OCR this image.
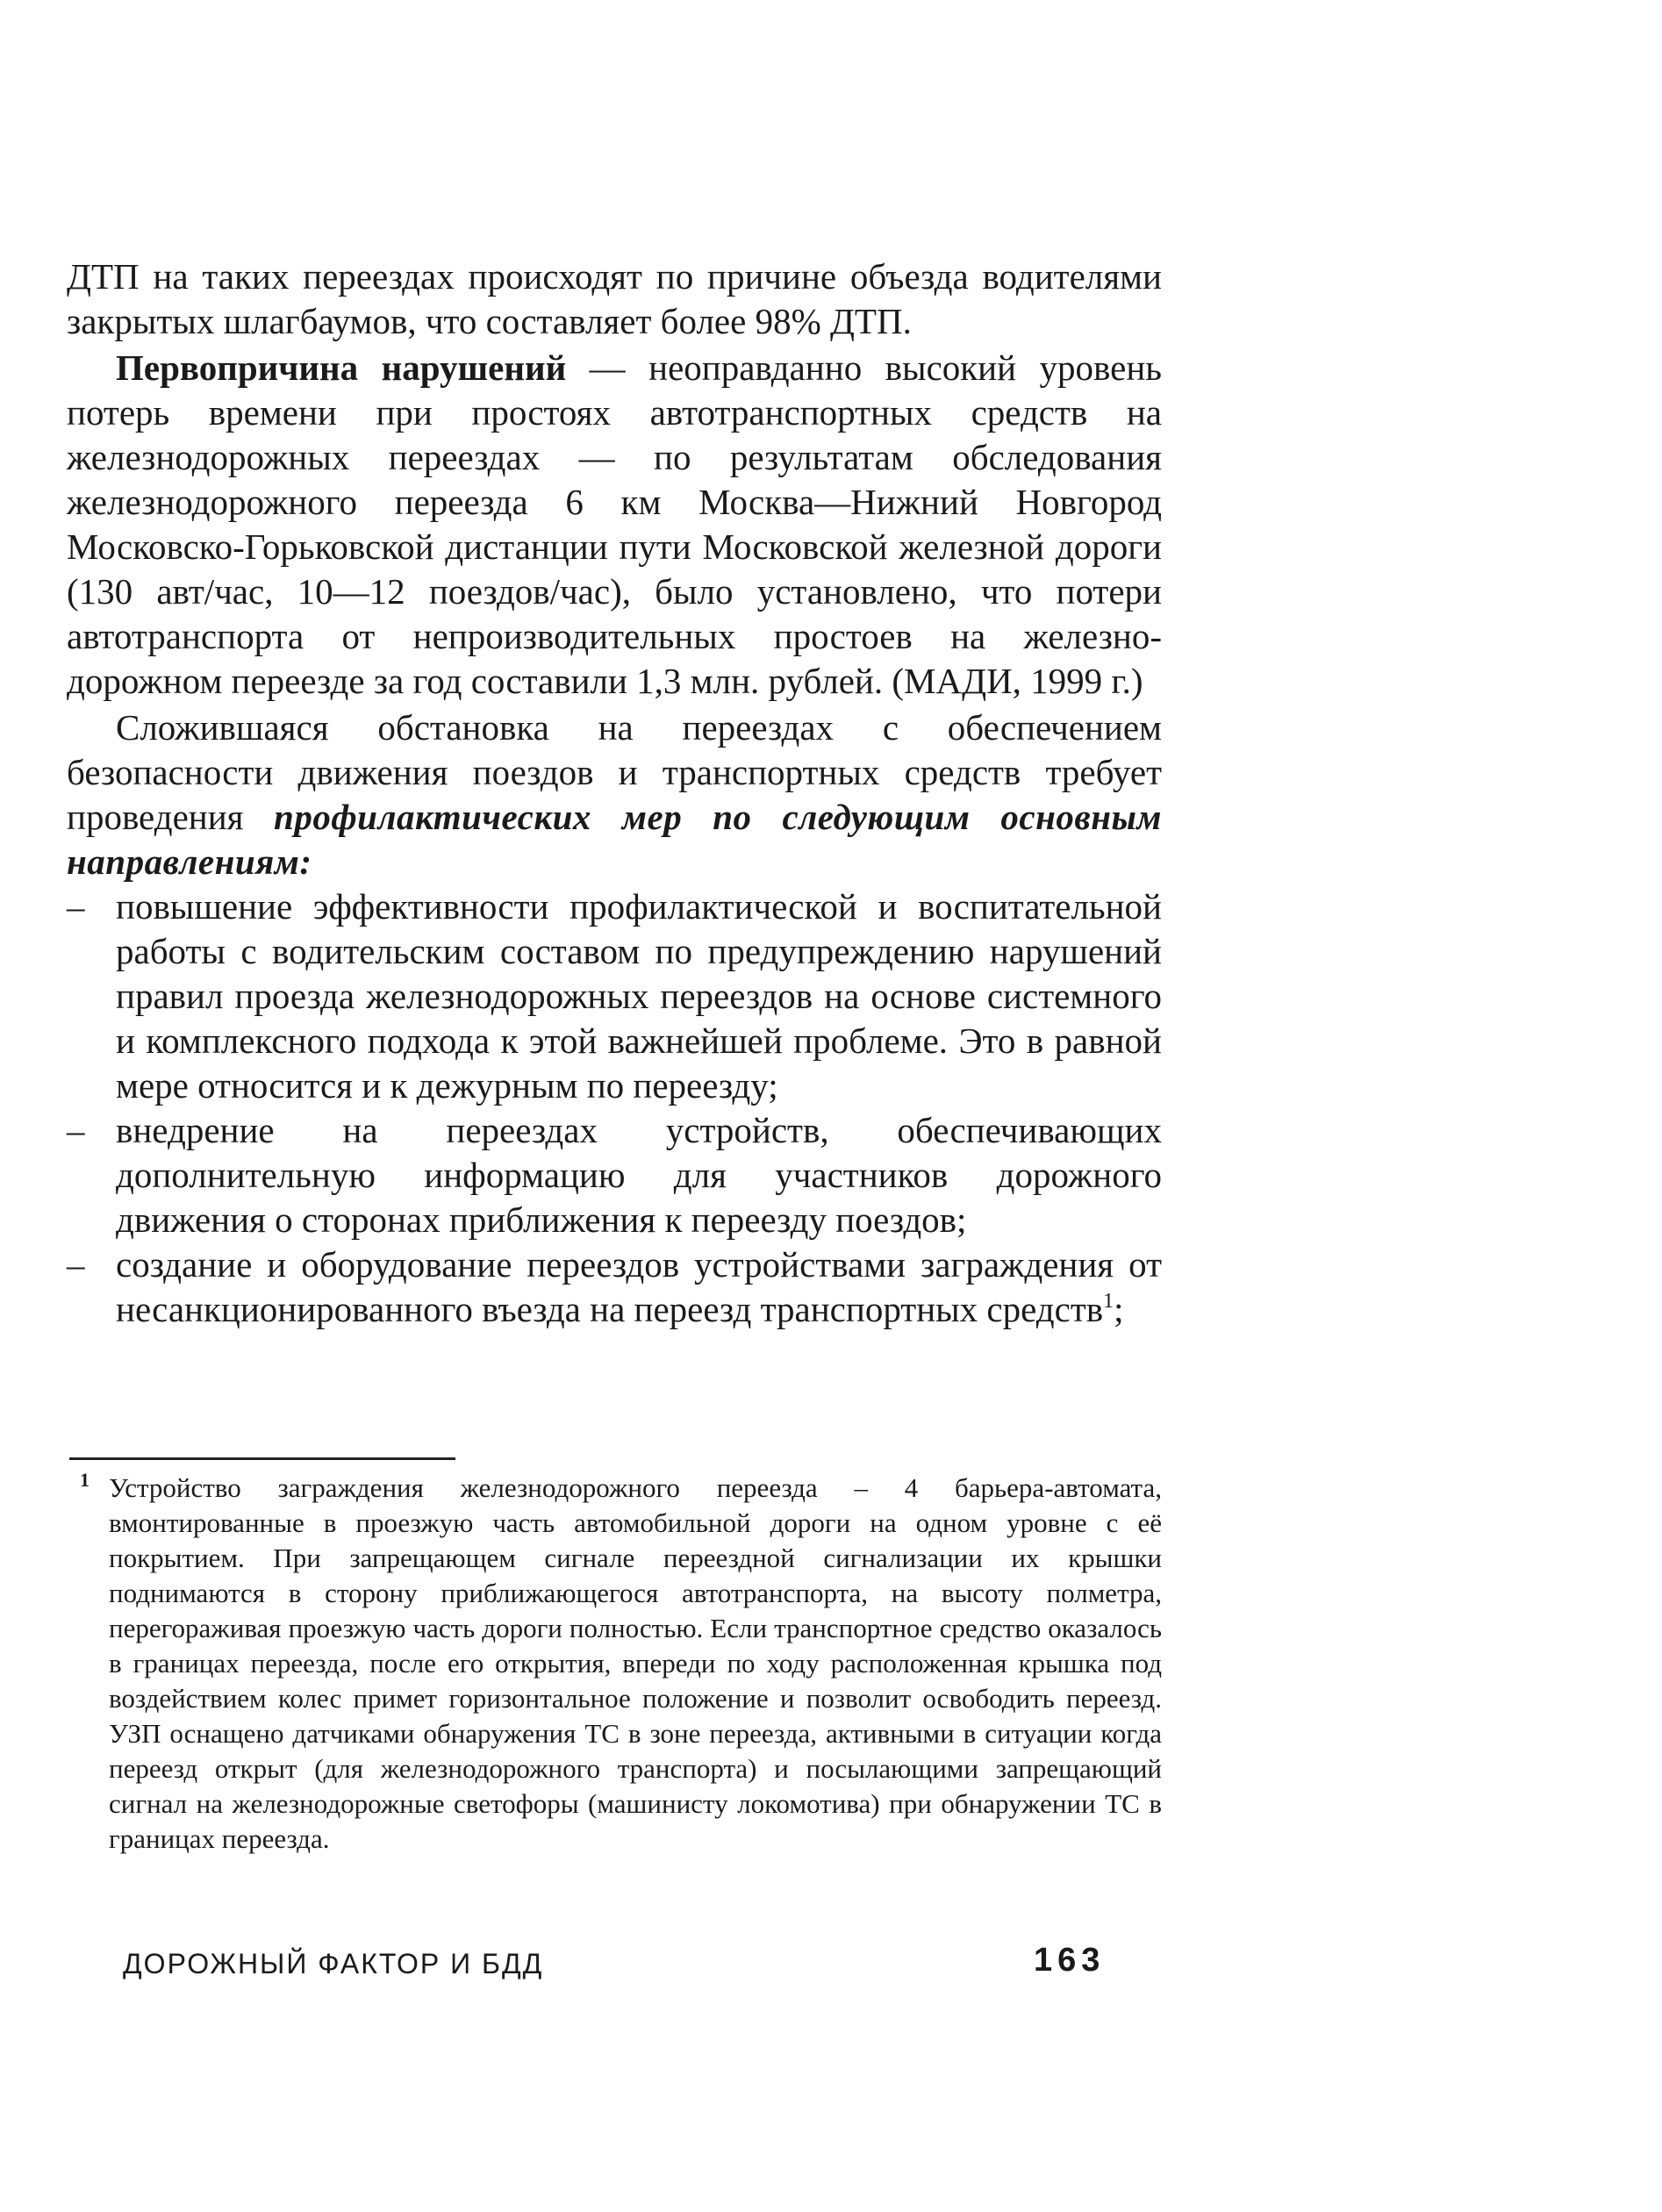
ДТП на таких переездах происходят по причине объезда водителями закрытых шлагбаумов, что составляет более 98% ДТП.

Первопричина нарушений — неоправданно высокий уровень потерь времени при простоях автотранспортных средств на железнодорожных переездах — по результатам обследования железнодорожного переезда 6 км Москва—Нижний Новгород Московско-Горьковской дистанции пути Московской железной дороги (130 авт/час, 10—12 поездов/час), было установлено, что потери автотранспорта от непроизводительных простоев на железно-дорожном переезде за год составили 1,3 млн. рублей. (МАДИ, 1999 г.)

Сложившаяся обстановка на переездах с обеспечением безопасности движения поездов и транспортных средств требует проведения профилактических мер по следующим основным направлениям:

– повышение эффективности профилактической и воспитательной работы с водительским составом по предупреждению нарушений правил проезда железнодорожных переездов на основе системного и комплексного подхода к этой важнейшей проблеме. Это в равной мере относится и к дежурным по переезду;
– внедрение на переездах устройств, обеспечивающих дополнительную информацию для участников дорожного движения о сторонах приближения к переезду поездов;
– создание и оборудование переездов устройствами заграждения от несанкционированного въезда на переезд транспортных средств$^1$;
1 Устройство заграждения железнодорожного переезда – 4 барьера-автомата, вмонтированные в проезжую часть автомобильной дороги на одном уровне с её покрытием. При запрещающем сигнале переездной сигнализации их крышки поднимаются в сторону приближающегося автотранспорта, на высоту полметра, перегораживая проезжую часть дороги полностью. Если транспортное средство оказалось в границах переезда, после его открытия, впереди по ходу расположенная крышка под воздействием колес примет горизонтальное положение и позволит освободить переезд. УЗП оснащено датчиками обнаружения ТС в зоне переезда, активными в ситуации когда переезд открыт (для железнодорожного транспорта) и посылающими запрещающий сигнал на железнодорожные светофоры (машинисту локомотива) при обнаружении ТС в границах переезда.
ДОРОЖНЫЙ ФАКТОР И БДД	163
